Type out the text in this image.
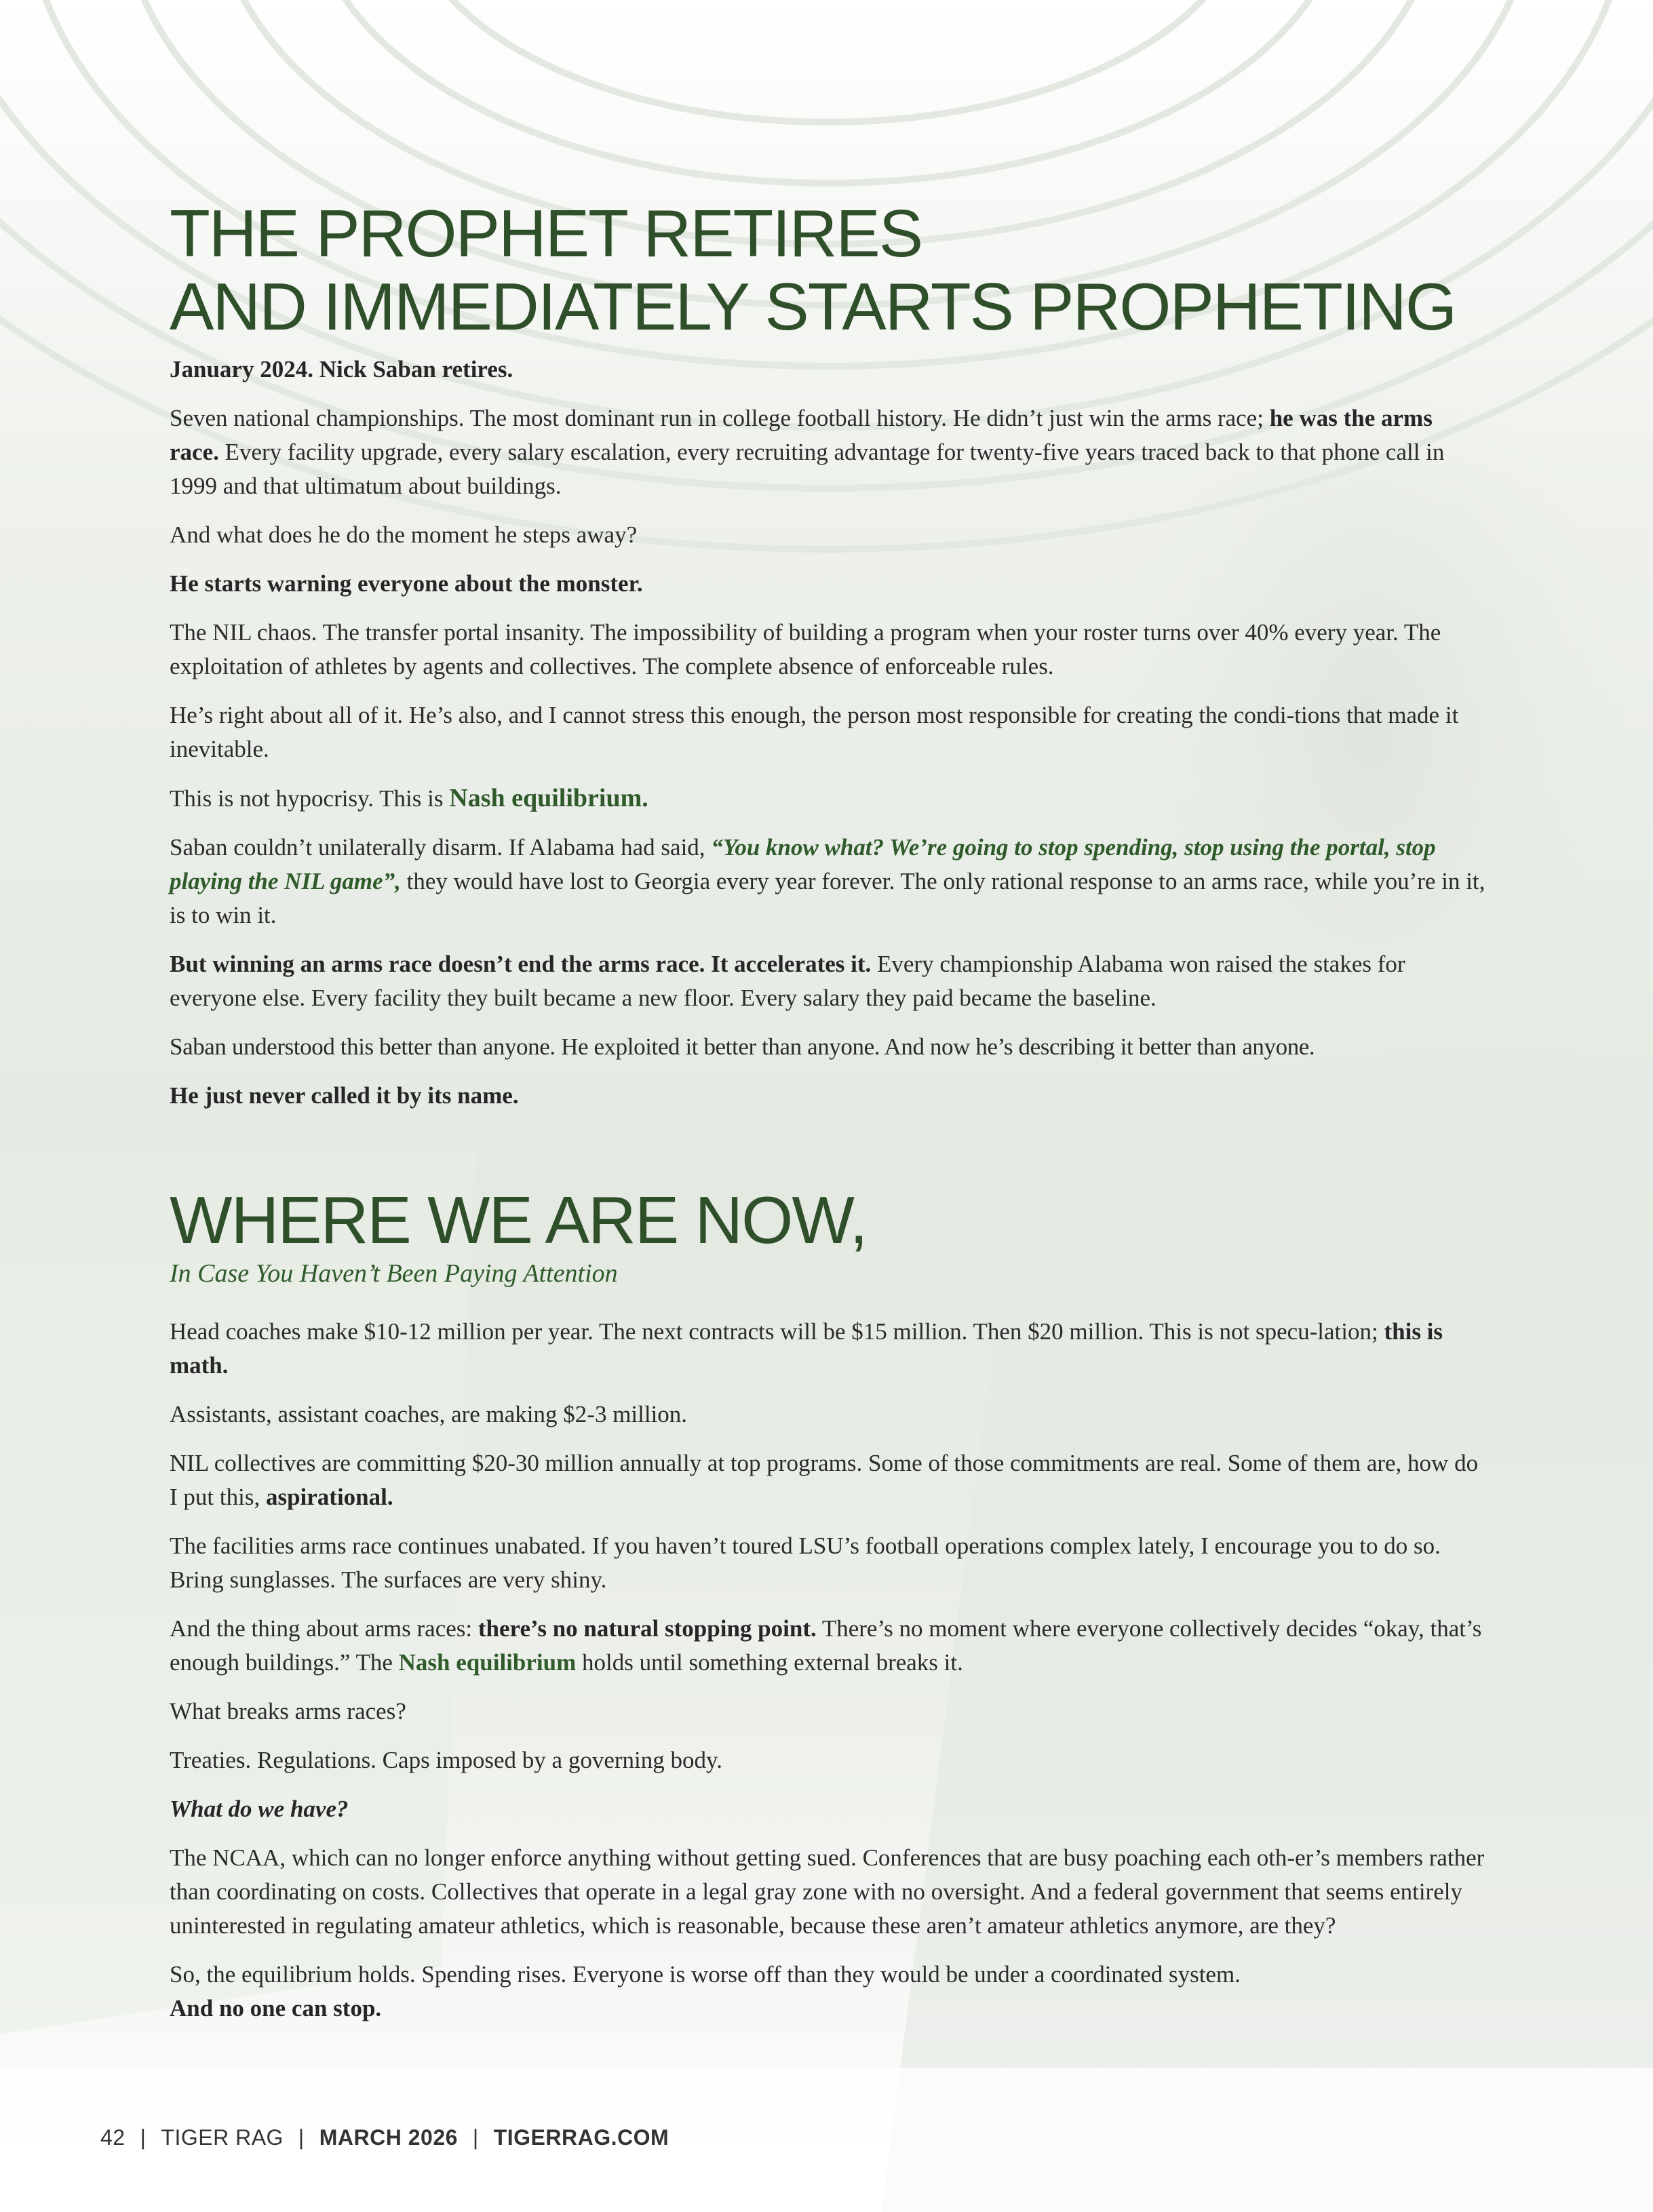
THE PROPHET RETIRES
AND IMMEDIATELY STARTS PROPHETING

January 2024. Nick Saban retires.

Seven national championships. The most dominant run in college football history. He didn’t just win the arms race; he was the arms race. Every facility upgrade, every salary escalation, every recruiting advantage for twenty-five years traced back to that phone call in 1999 and that ultimatum about buildings.

And what does he do the moment he steps away?

He starts warning everyone about the monster.

The NIL chaos. The transfer portal insanity. The impossibility of building a program when your roster turns over 40% every year. The exploitation of athletes by agents and collectives. The complete absence of enforceable rules.

He’s right about all of it. He’s also, and I cannot stress this enough, the person most responsible for creating the condi-tions that made it inevitable.

This is not hypocrisy. This is Nash equilibrium.

Saban couldn’t unilaterally disarm. If Alabama had said, “You know what? We’re going to stop spending, stop using the portal, stop playing the NIL game”, they would have lost to Georgia every year forever. The only rational response to an arms race, while you’re in it, is to win it.

But winning an arms race doesn’t end the arms race. It accelerates it. Every championship Alabama won raised the stakes for everyone else. Every facility they built became a new floor. Every salary they paid became the baseline.

Saban understood this better than anyone. He exploited it better than anyone. And now he’s describing it better than anyone.

He just never called it by its name.

WHERE WE ARE NOW,
In Case You Haven’t Been Paying Attention

Head coaches make $10-12 million per year. The next contracts will be $15 million. Then $20 million. This is not specu-lation; this is math.

Assistants, assistant coaches, are making $2-3 million.

NIL collectives are committing $20-30 million annually at top programs. Some of those commitments are real. Some of them are, how do I put this, aspirational.

The facilities arms race continues unabated. If you haven’t toured LSU’s football operations complex lately, I encourage you to do so. Bring sunglasses. The surfaces are very shiny.

And the thing about arms races: there’s no natural stopping point. There’s no moment where everyone collectively decides “okay, that’s enough buildings.” The Nash equilibrium holds until something external breaks it.

What breaks arms races?

Treaties. Regulations. Caps imposed by a governing body.

What do we have?

The NCAA, which can no longer enforce anything without getting sued. Conferences that are busy poaching each oth-er’s members rather than coordinating on costs. Collectives that operate in a legal gray zone with no oversight. And a federal government that seems entirely uninterested in regulating amateur athletics, which is reasonable, because these aren’t amateur athletics anymore, are they?

So, the equilibrium holds. Spending rises. Everyone is worse off than they would be under a coordinated system.
And no one can stop.

42 | TIGER RAG | MARCH 2026 | TIGERRAG.COM
